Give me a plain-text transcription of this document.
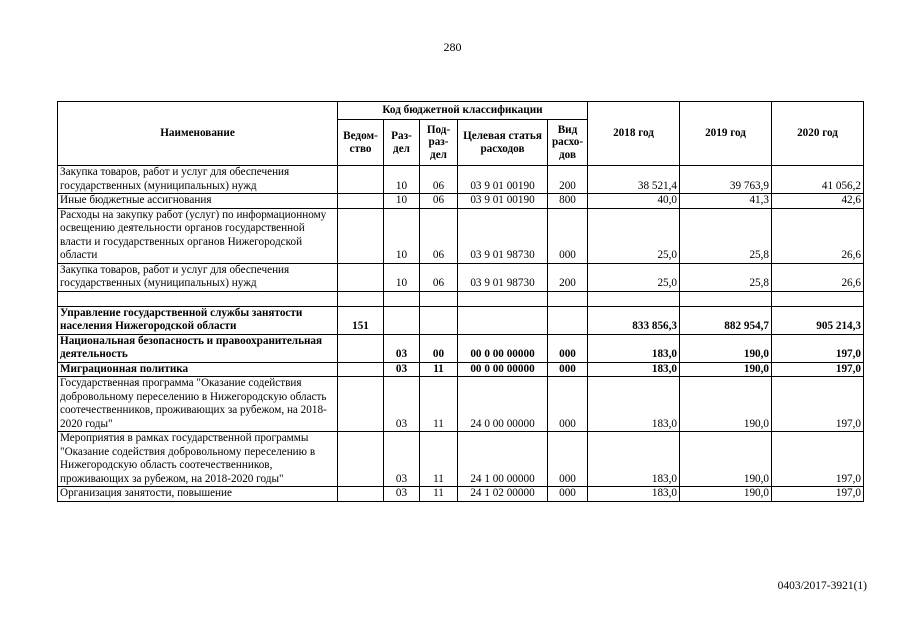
280
Наименование	Код бюджетной классификации					2018 год	2019 год	2020 год
	Ведом-ство	Раз-дел	Под-раз-дел	Целевая статья расходов	Вид расхо-дов			
Закупка товаров, работ и услуг для обеспечения государственных (муниципальных) нужд		10	06	03 9 01 00190	200	38 521,4	39 763,9	41 056,2
Иные бюджетные ассигнования		10	06	03 9 01 00190	800	40,0	41,3	42,6
Расходы на закупку работ (услуг) по информационному освещению деятельности органов государственной власти и государственных органов Нижегородской области		10	06	03 9 01 98730	000	25,0	25,8	26,6
Закупка товаров, работ и услуг для обеспечения государственных (муниципальных) нужд		10	06	03 9 01 98730	200	25,0	25,8	26,6

Управление государственной службы занятости населения Нижегородской области	151					833 856,3	882 954,7	905 214,3
Национальная безопасность и правоохранительная деятельность		03	00	00 0 00 00000	000	183,0	190,0	197,0
Миграционная политика		03	11	00 0 00 00000	000	183,0	190,0	197,0
Государственная программа "Оказание содействия добровольному переселению в Нижегородскую область соотечественников, проживающих за рубежом, на 2018-2020 годы"		03	11	24 0 00 00000	000	183,0	190,0	197,0
Мероприятия в рамках государственной программы "Оказание содействия добровольному переселению в Нижегородскую область соотечественников, проживающих за рубежом, на 2018-2020 годы"		03	11	24 1 00 00000	000	183,0	190,0	197,0
Организация занятости, повышение		03	11	24 1 02 00000	000	183,0	190,0	197,0
0403/2017-3921(1)
